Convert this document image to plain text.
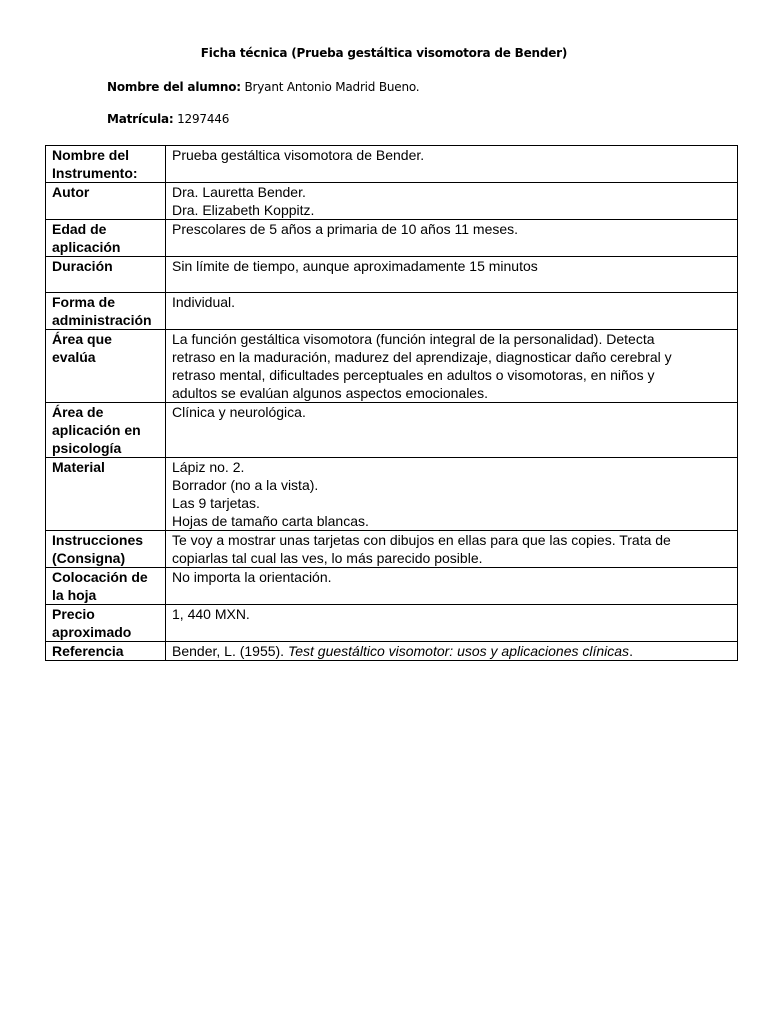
Ficha técnica (Prueba gestáltica visomotora de Bender)
Nombre del alumno: Bryant Antonio Madrid Bueno.
Matrícula: 1297446
Nombre del
Instrumento:	Prueba gestáltica visomotora de Bender.

Autor	Dra. Lauretta Bender.
Dra. Elizabeth Koppitz.

Edad de
aplicación	Prescolares de 5 años a primaria de 10 años 11 meses.

Duración	Sin límite de tiempo, aunque aproximadamente 15 minutos

Forma de
administración	Individual.

Área que
evalúa	La función gestáltica visomotora (función integral de la personalidad). Detecta
retraso en la maduración, madurez del aprendizaje, diagnosticar daño cerebral y
retraso mental, dificultades perceptuales en adultos o visomotoras, en niños y
adultos se evalúan algunos aspectos emocionales.

Área de
aplicación en
psicología	Clínica y neurológica.

Material	Lápiz no. 2.
Borrador (no a la vista).
Las 9 tarjetas.
Hojas de tamaño carta blancas.

Instrucciones
(Consigna)	Te voy a mostrar unas tarjetas con dibujos en ellas para que las copies. Trata de
copiarlas tal cual las ves, lo más parecido posible.

Colocación de
la hoja	No importa la orientación.

Precio
aproximado	1, 440 MXN.

Referencia	Bender, L. (1955). Test guestáltico visomotor: usos y aplicaciones clínicas.
